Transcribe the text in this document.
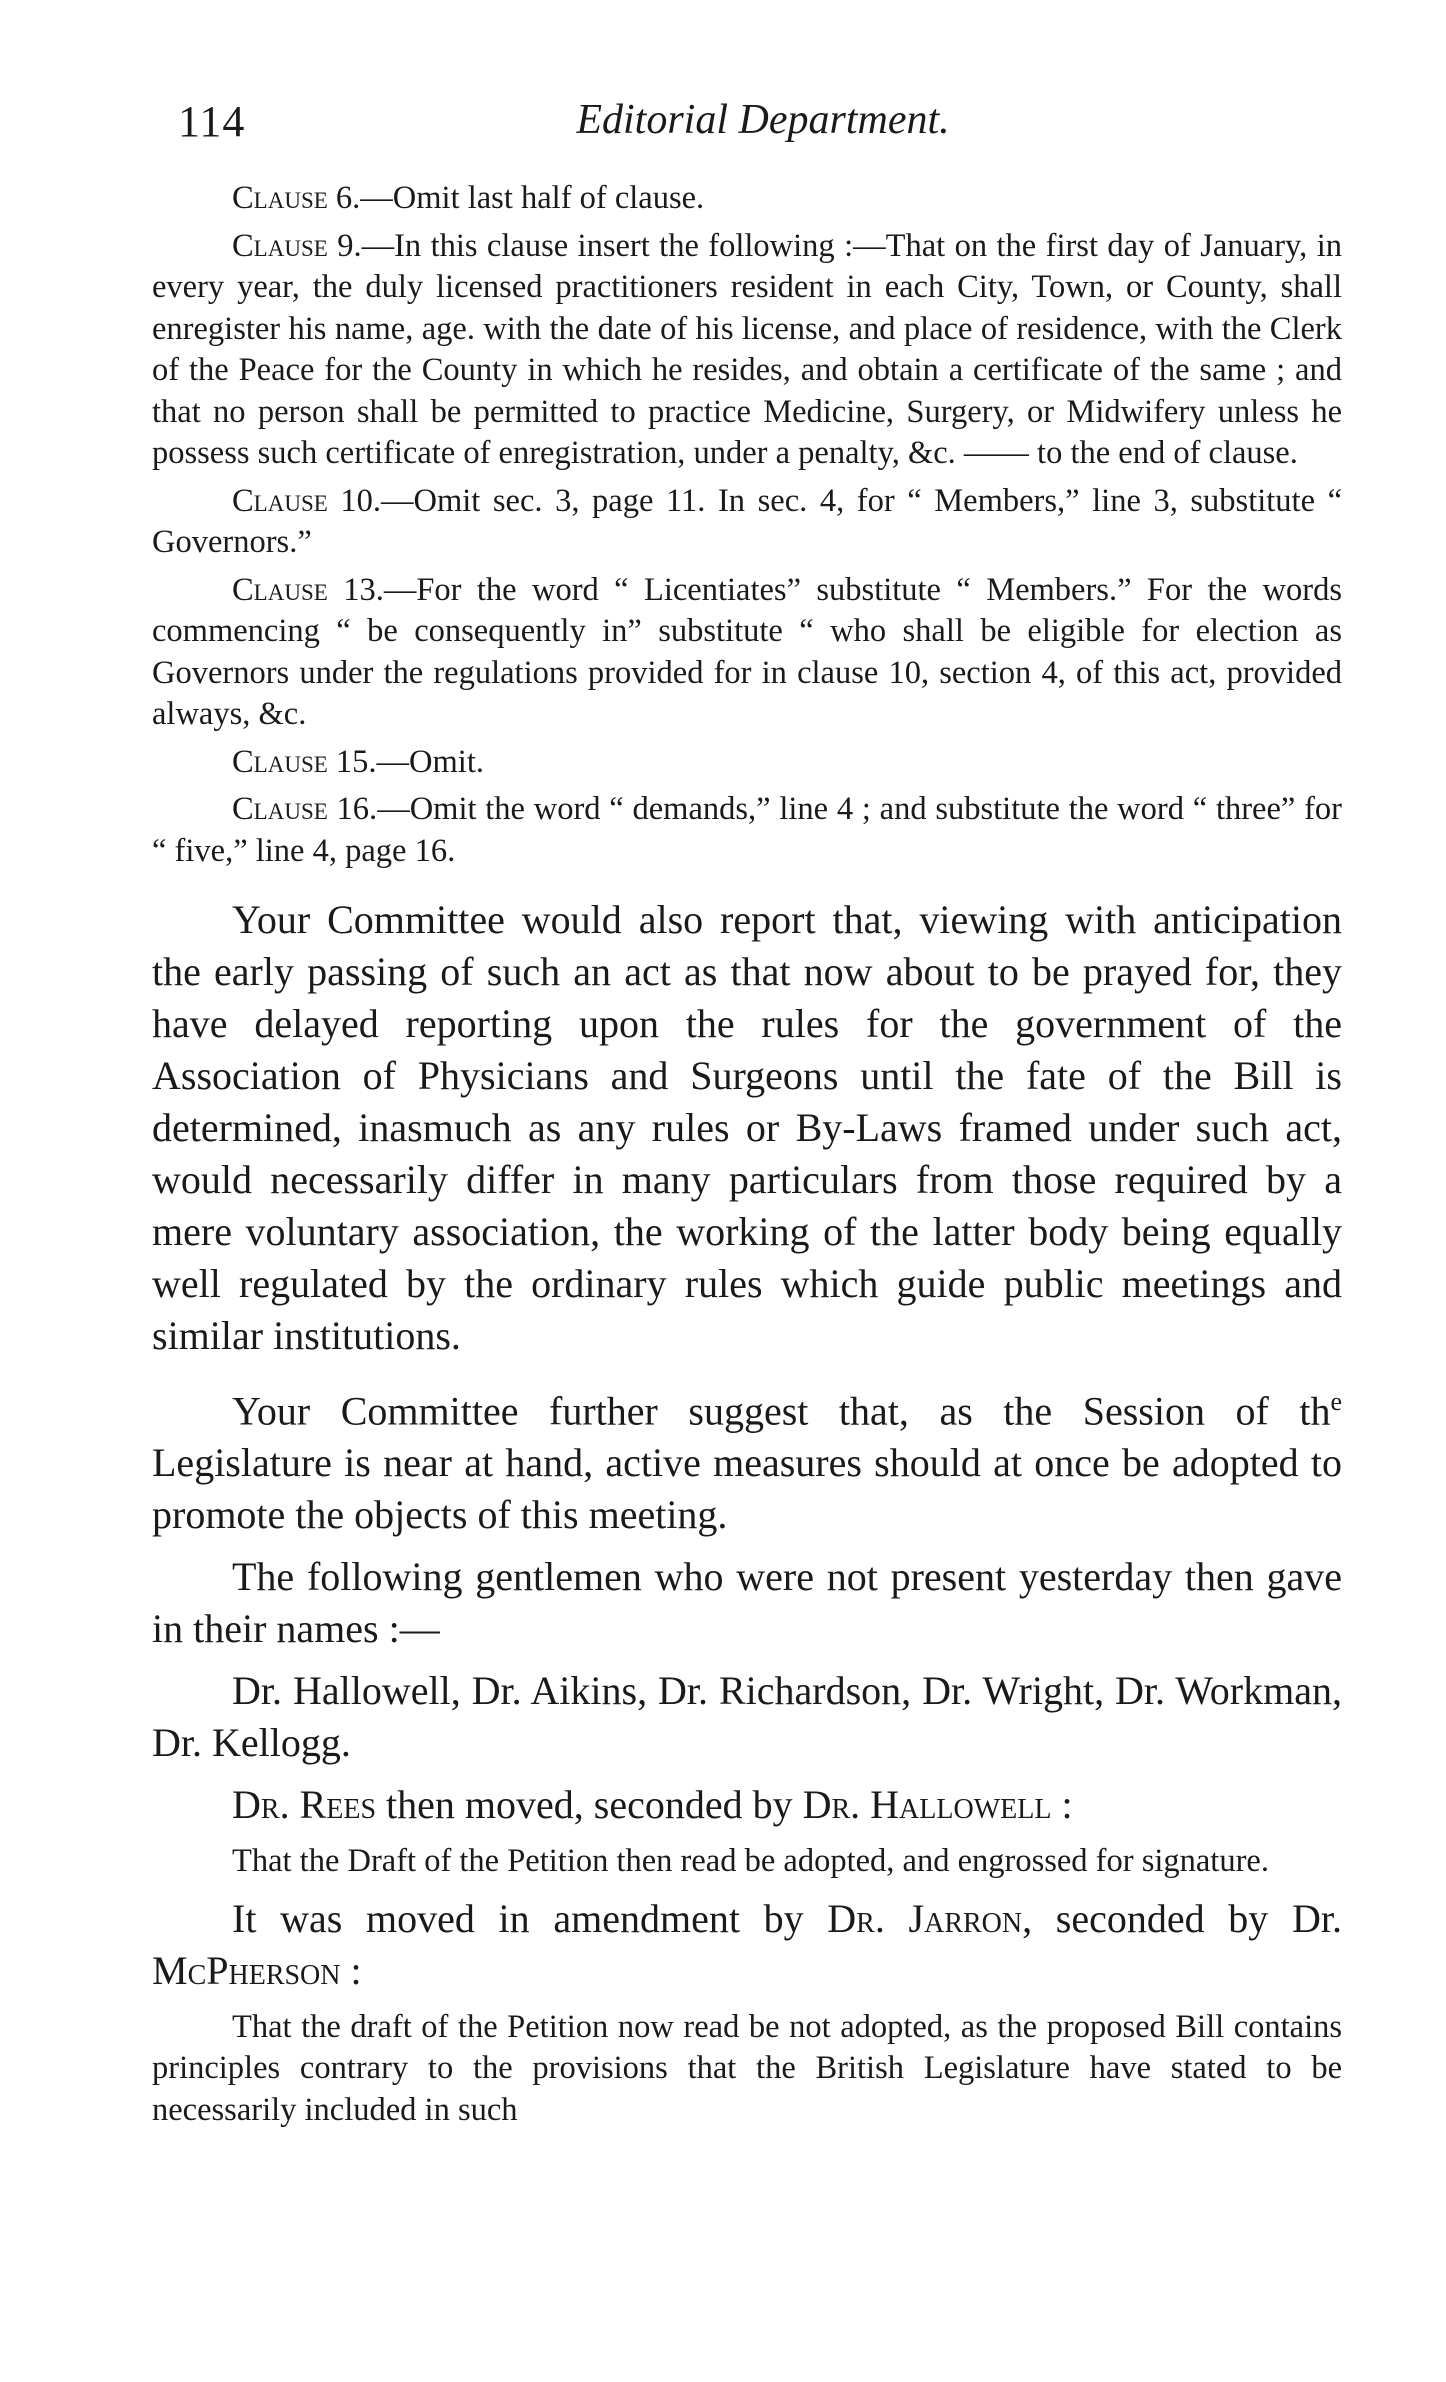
114	Editorial Department.

Clause 6.—Omit last half of clause.

Clause 9.—In this clause insert the following :—That on the first day of January, in every year, the duly licensed practitioners resident in each City, Town, or County, shall enregister his name, age. with the date of his license, and place of residence, with the Clerk of the Peace for the County in which he resides, and obtain a certificate of the same ; and that no person shall be permitted to practice Medicine, Surgery, or Midwifery unless he possess such certificate of enregistration, under a penalty, &c. —— to the end of clause.

Clause 10.—Omit sec. 3, page 11. In sec. 4, for “ Members,” line 3, substitute “ Governors.”

Clause 13.—For the word “ Licentiates” substitute “ Members.” For the words commencing “ be consequently in” substitute “ who shall be eligible for election as Governors under the regulations provided for in clause 10, section 4, of this act, provided always, &c.

Clause 15.—Omit.

Clause 16.—Omit the word “ demands,” line 4 ; and substitute the word “ three” for “ five,” line 4, page 16.

Your Committee would also report that, viewing with anticipation the early passing of such an act as that now about to be prayed for, they have delayed reporting upon the rules for the government of the Association of Physicians and Surgeons until the fate of the Bill is determined, inasmuch as any rules or By-Laws framed under such act, would necessarily differ in many particulars from those required by a mere voluntary association, the working of the latter body being equally well regulated by the ordinary rules which guide public meetings and similar institutions.

Your Committee further suggest that, as the Session of $th^e$ Legislature is near at hand, active measures should at once be adopted to promote the objects of this meeting.

The following gentlemen who were not present yesterday then gave in their names :—

Dr. Hallowell, Dr. Aikins, Dr. Richardson, Dr. Wright, Dr. Workman, Dr. Kellogg.

Dr. Rees then moved, seconded by Dr. Hallowell :

That the Draft of the Petition then read be adopted, and engrossed for signature.

It was moved in amendment by Dr. Jarron, seconded by Dr. McPherson :

That the draft of the Petition now read be not adopted, as the proposed Bill contains principles contrary to the provisions that the British Legislature have stated to be necessarily included in such
